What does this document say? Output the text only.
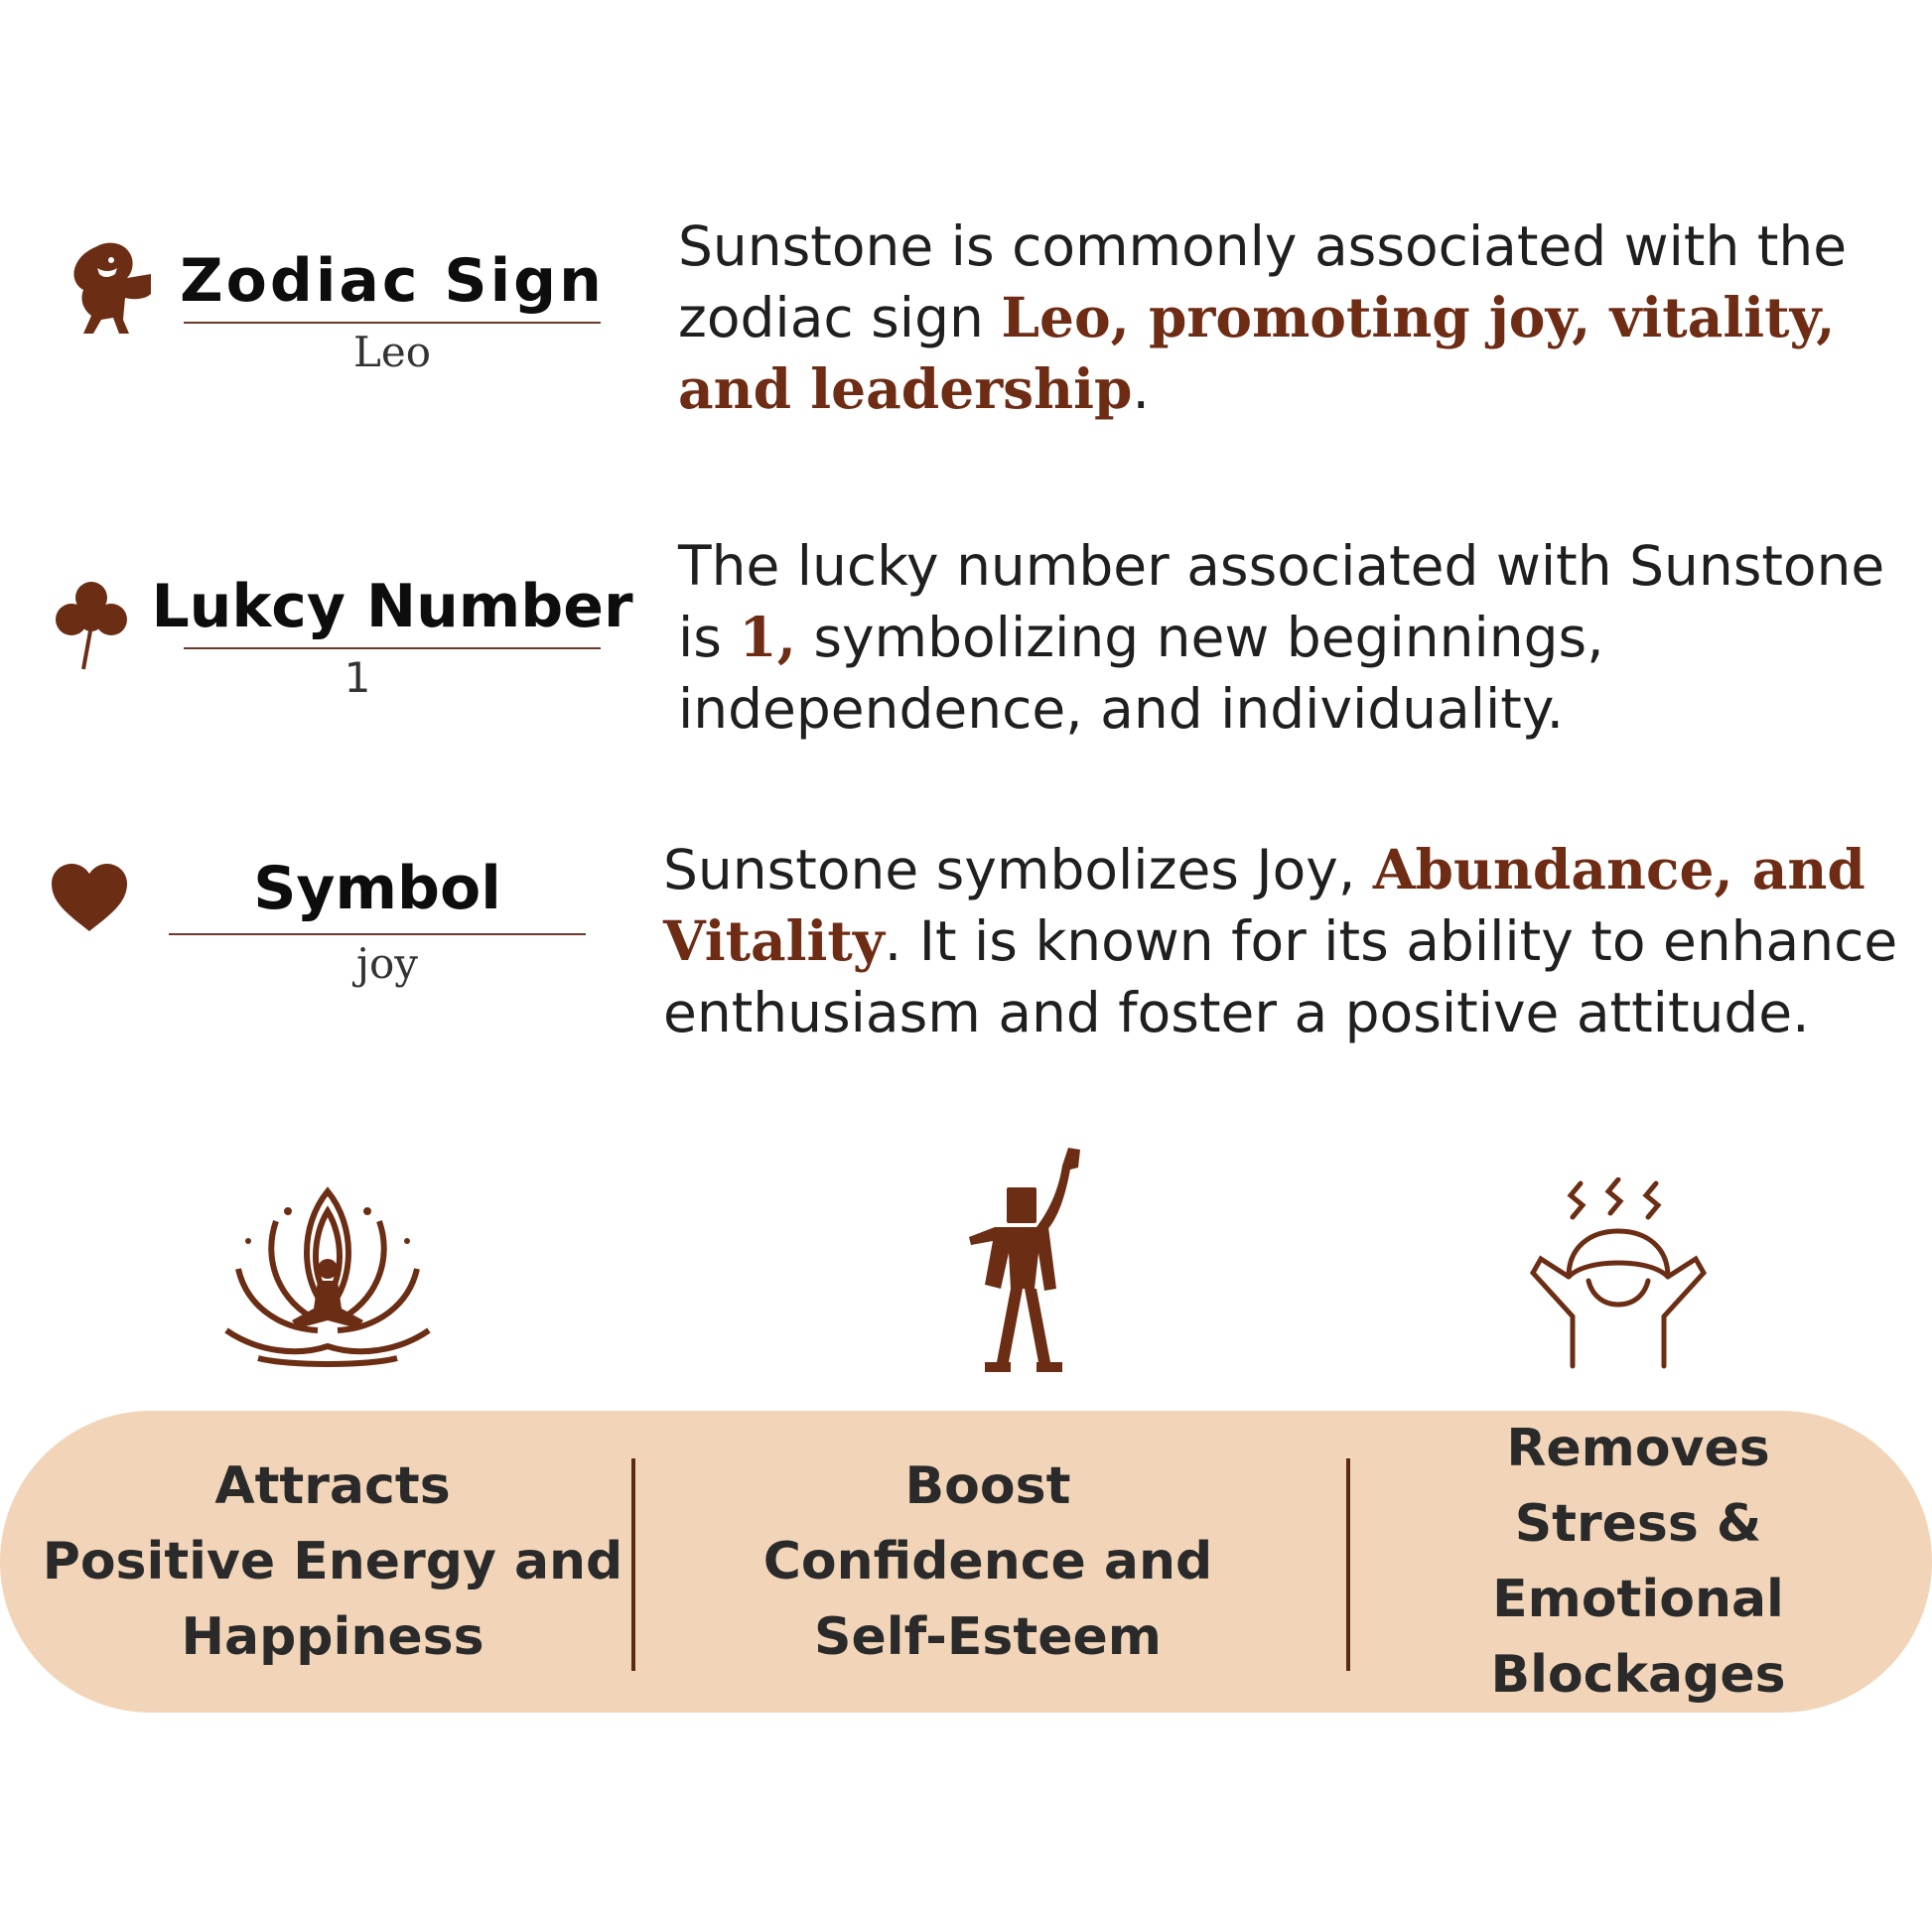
Zodiac Sign
Leo
Sunstone is commonly associated with the zodiac sign Leo, promoting joy, vitality, and leadership.
Lukcy Number
1
The lucky number associated with Sunstone is 1, symbolizing new beginnings, independence, and individuality.
Symbol
joy
Sunstone symbolizes Joy, Abundance, and Vitality. It is known for its ability to enhance enthusiasm and foster a positive attitude.
Attracts
Positive Energy and
Happiness
Boost
Confidence and
Self-Esteem
Removes
Stress & Emotional
Blockages
